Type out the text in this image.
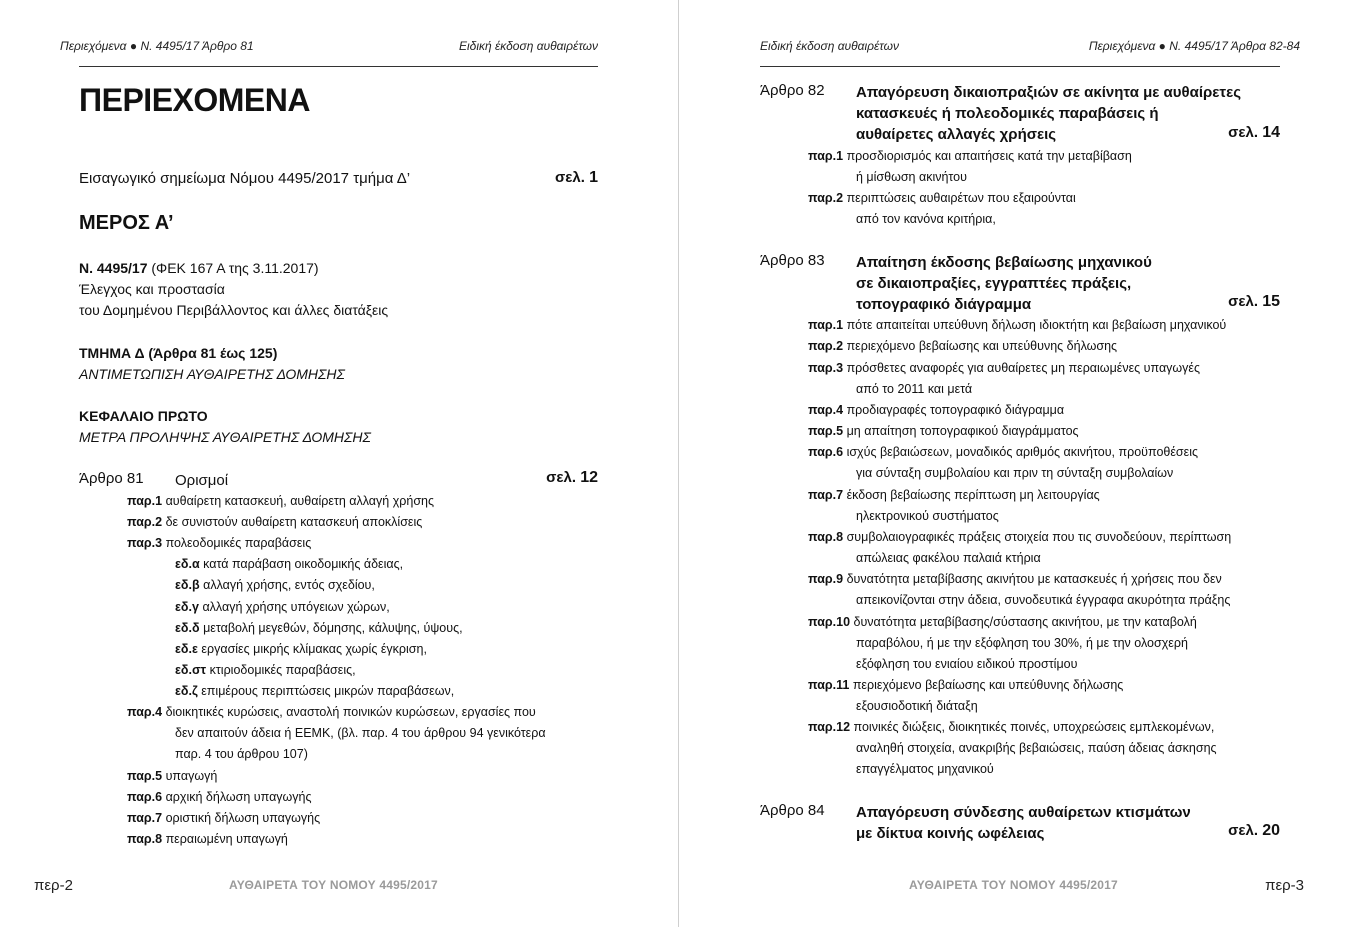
Περιεχόμενα ● Ν. 4495/17 Άρθρο 81	Ειδική έκδοση αυθαιρέτων
ΠΕΡΙΕΧΟΜΕΝΑ
Εισαγωγικό σημείωμα Νόμου 4495/2017 τμήμα Δ’	σελ. 1
ΜΕΡΟΣ Α’
Ν. 4495/17 (ΦΕΚ 167 Α της 3.11.2017)
Έλεγχος και προστασία
του Δομημένου Περιβάλλοντος και άλλες διατάξεις
ΤΜΗΜΑ Δ (Άρθρα 81 έως 125)
ΑΝΤΙΜΕΤΩΠΙΣΗ ΑΥΘΑΙΡΕΤΗΣ ΔΟΜΗΣΗΣ
ΚΕΦΑΛΑΙΟ ΠΡΩΤΟ
ΜΕΤΡΑ ΠΡΟΛΗΨΗΣ ΑΥΘΑΙΡΕΤΗΣ ΔΟΜΗΣΗΣ
Άρθρο 81 Ορισμοί	σελ. 12
παρ.1 αυθαίρετη κατασκευή, αυθαίρετη αλλαγή χρήσης
παρ.2 δε συνιστούν αυθαίρετη κατασκευή αποκλίσεις
παρ.3 πολεοδομικές παραβάσεις
εδ.α κατά παράβαση οικοδομικής άδειας,
εδ.β αλλαγή χρήσης, εντός σχεδίου,
εδ.γ αλλαγή χρήσης υπόγειων χώρων,
εδ.δ μεταβολή μεγεθών, δόμησης, κάλυψης, ύψους,
εδ.ε εργασίες μικρής κλίμακας χωρίς έγκριση,
εδ.στ κτιριοδομικές παραβάσεις,
εδ.ζ επιμέρους περιπτώσεις μικρών παραβάσεων,
παρ.4 διοικητικές κυρώσεις, αναστολή ποινικών κυρώσεων, εργασίες που
δεν απαιτούν άδεια ή ΕΕΜΚ, (βλ. παρ. 4 του άρθρου 94 γενικότερα
παρ. 4 του άρθρου 107)
παρ.5 υπαγωγή
παρ.6 αρχική δήλωση υπαγωγής
παρ.7 οριστική δήλωση υπαγωγής
παρ.8 περαιωμένη υπαγωγή
περ-2	ΑΥΘΑΙΡΕΤΑ ΤΟΥ ΝΟΜΟΥ 4495/2017
Ειδική έκδοση αυθαιρέτων	Περιεχόμενα ● Ν. 4495/17 Άρθρα 82-84
Άρθρο 82 Απαγόρευση δικαιοπραξιών σε ακίνητα με αυθαίρετες
κατασκευές ή πολεοδομικές παραβάσεις ή
αυθαίρετες αλλαγές χρήσεις	σελ. 14
παρ.1 προσδιορισμός και απαιτήσεις κατά την μεταβίβαση
ή μίσθωση ακινήτου
παρ.2 περιπτώσεις αυθαιρέτων που εξαιρούνται
από τον κανόνα κριτήρια,
Άρθρο 83 Απαίτηση έκδοσης βεβαίωσης μηχανικού
σε δικαιοπραξίες, εγγραπτέες πράξεις,
τοπογραφικό διάγραμμα	σελ. 15
παρ.1 πότε απαιτείται υπεύθυνη δήλωση ιδιοκτήτη και βεβαίωση μηχανικού
παρ.2 περιεχόμενο βεβαίωσης και υπεύθυνης δήλωσης
παρ.3 πρόσθετες αναφορές για αυθαίρετες μη περαιωμένες υπαγωγές
από το 2011 και μετά
παρ.4 προδιαγραφές τοπογραφικό διάγραμμα
παρ.5 μη απαίτηση τοπογραφικού διαγράμματος
παρ.6 ισχύς βεβαιώσεων, μοναδικός αριθμός ακινήτου, προϋποθέσεις
για σύνταξη συμβολαίου και πριν τη σύνταξη συμβολαίων
παρ.7 έκδοση βεβαίωσης περίπτωση μη λειτουργίας
ηλεκτρονικού συστήματος
παρ.8 συμβολαιογραφικές πράξεις στοιχεία που τις συνοδεύουν, περίπτωση
απώλειας φακέλου παλαιά κτήρια
παρ.9 δυνατότητα μεταβίβασης ακινήτου με κατασκευές ή χρήσεις που δεν
απεικονίζονται στην άδεια, συνοδευτικά έγγραφα ακυρότητα πράξης
παρ.10 δυνατότητα μεταβίβασης/σύστασης ακινήτου, με την καταβολή
παραβόλου, ή με την εξόφληση του 30%, ή με την ολοσχερή
εξόφληση του ενιαίου ειδικού προστίμου
παρ.11 περιεχόμενο βεβαίωσης και υπεύθυνης δήλωσης
εξουσιοδοτική διάταξη
παρ.12 ποινικές διώξεις, διοικητικές ποινές, υποχρεώσεις εμπλεκομένων,
αναληθή στοιχεία, ανακριβής βεβαιώσεις, παύση άδειας άσκησης
επαγγέλματος μηχανικού
Άρθρο 84 Απαγόρευση σύνδεσης αυθαίρετων κτισμάτων
με δίκτυα κοινής ωφέλειας	σελ. 20
ΑΥΘΑΙΡΕΤΑ ΤΟΥ ΝΟΜΟΥ 4495/2017	περ-3
